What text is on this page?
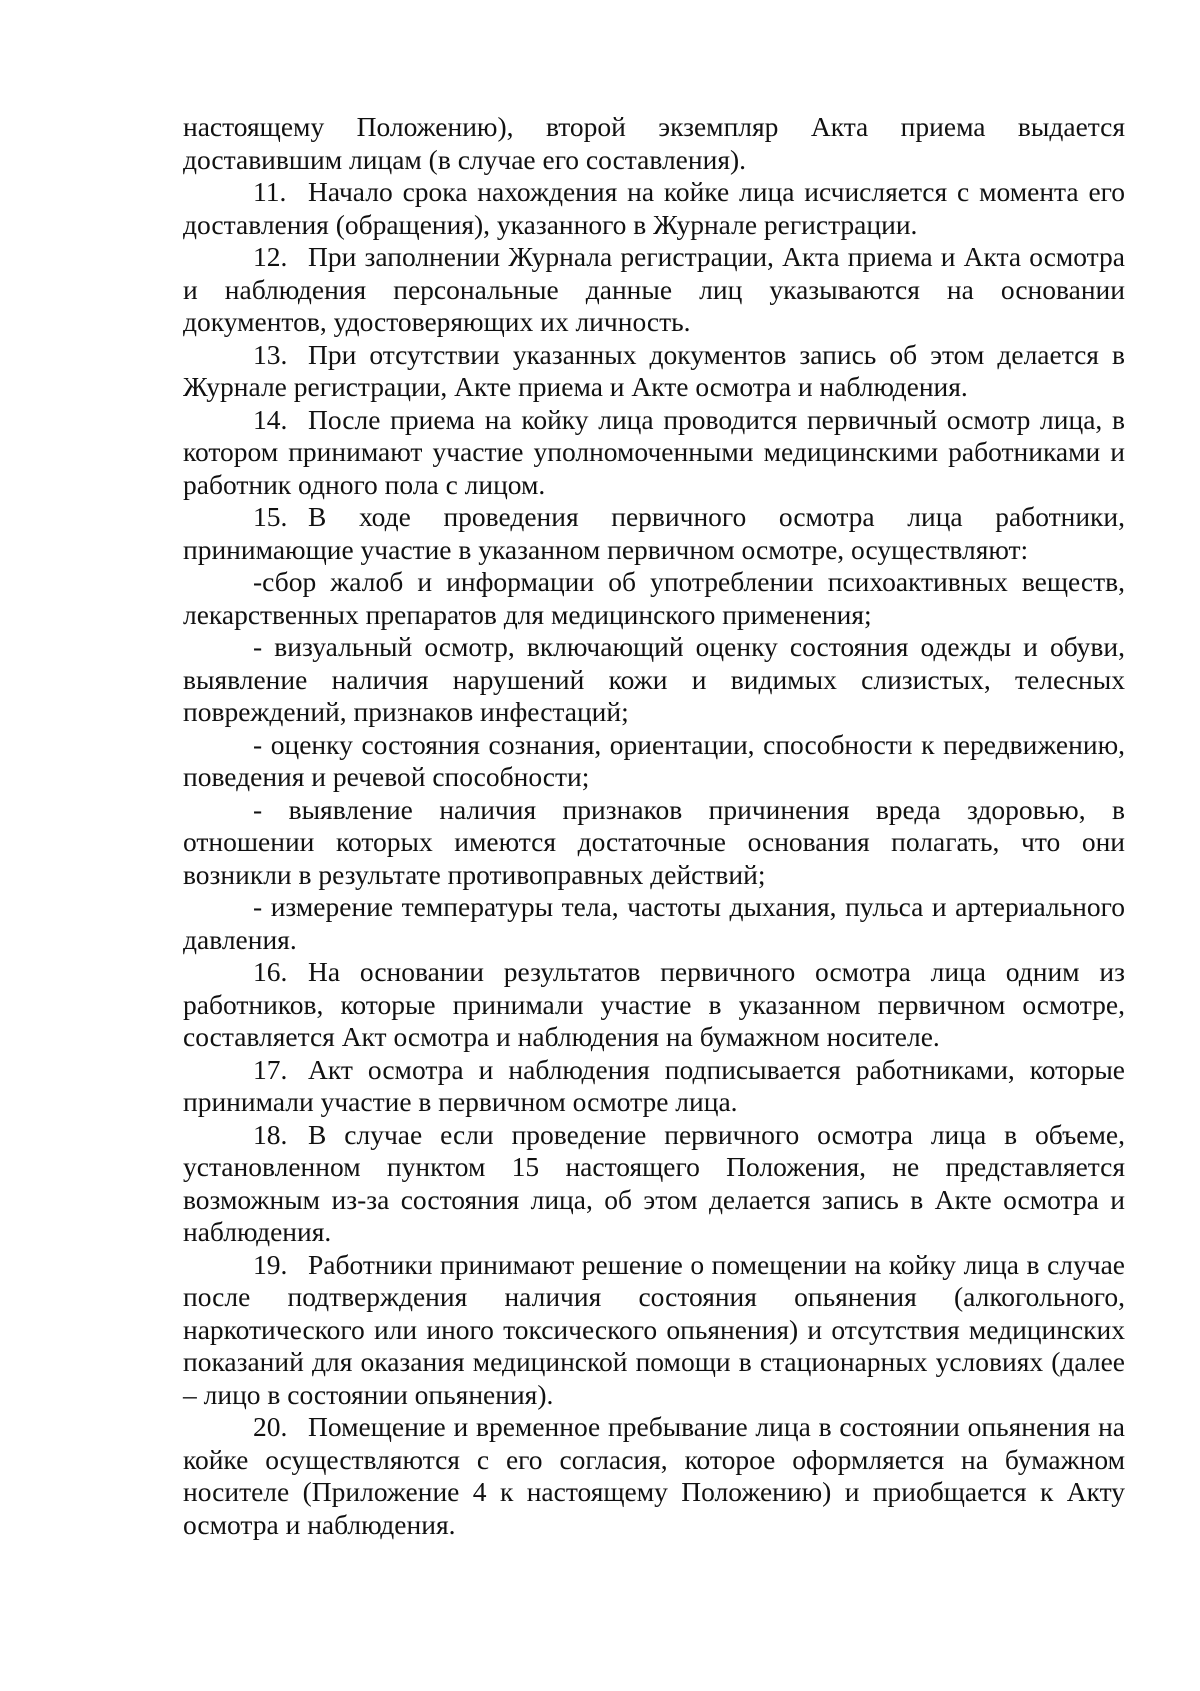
настоящему Положению), второй экземпляр Акта приема выдается доставившим лицам (в случае его составления).

11. Начало срока нахождения на койке лица исчисляется с момента его доставления (обращения), указанного в Журнале регистрации.

12. При заполнении Журнала регистрации, Акта приема и Акта осмотра и наблюдения персональные данные лиц указываются на основании документов, удостоверяющих их личность.

13. При отсутствии указанных документов запись об этом делается в Журнале регистрации, Акте приема и Акте осмотра и наблюдения.

14. После приема на койку лица проводится первичный осмотр лица, в котором принимают участие уполномоченными медицинскими работниками и работник одного пола с лицом.

15. В ходе проведения первичного осмотра лица работники, принимающие участие в указанном первичном осмотре, осуществляют:

-сбор жалоб и информации об употреблении психоактивных веществ, лекарственных препаратов для медицинского применения;

- визуальный осмотр, включающий оценку состояния одежды и обуви, выявление наличия нарушений кожи и видимых слизистых, телесных повреждений, признаков инфестаций;

- оценку состояния сознания, ориентации, способности к передвижению, поведения и речевой способности;

- выявление наличия признаков причинения вреда здоровью, в отношении которых имеются достаточные основания полагать, что они возникли в результате противоправных действий;

- измерение температуры тела, частоты дыхания, пульса и артериального давления.

16. На основании результатов первичного осмотра лица одним из работников, которые принимали участие в указанном первичном осмотре, составляется Акт осмотра и наблюдения на бумажном носителе.

17. Акт осмотра и наблюдения подписывается работниками, которые принимали участие в первичном осмотре лица.

18. В случае если проведение первичного осмотра лица в объеме, установленном пунктом 15 настоящего Положения, не представляется возможным из-за состояния лица, об этом делается запись в Акте осмотра и наблюдения.

19. Работники принимают решение о помещении на койку лица в случае после подтверждения наличия состояния опьянения (алкогольного, наркотического или иного токсического опьянения) и отсутствия медицинских показаний для оказания медицинской помощи в стационарных условиях (далее – лицо в состоянии опьянения).

20. Помещение и временное пребывание лица в состоянии опьянения на койке осуществляются с его согласия, которое оформляется на бумажном носителе (Приложение 4 к настоящему Положению) и приобщается к Акту осмотра и наблюдения.
